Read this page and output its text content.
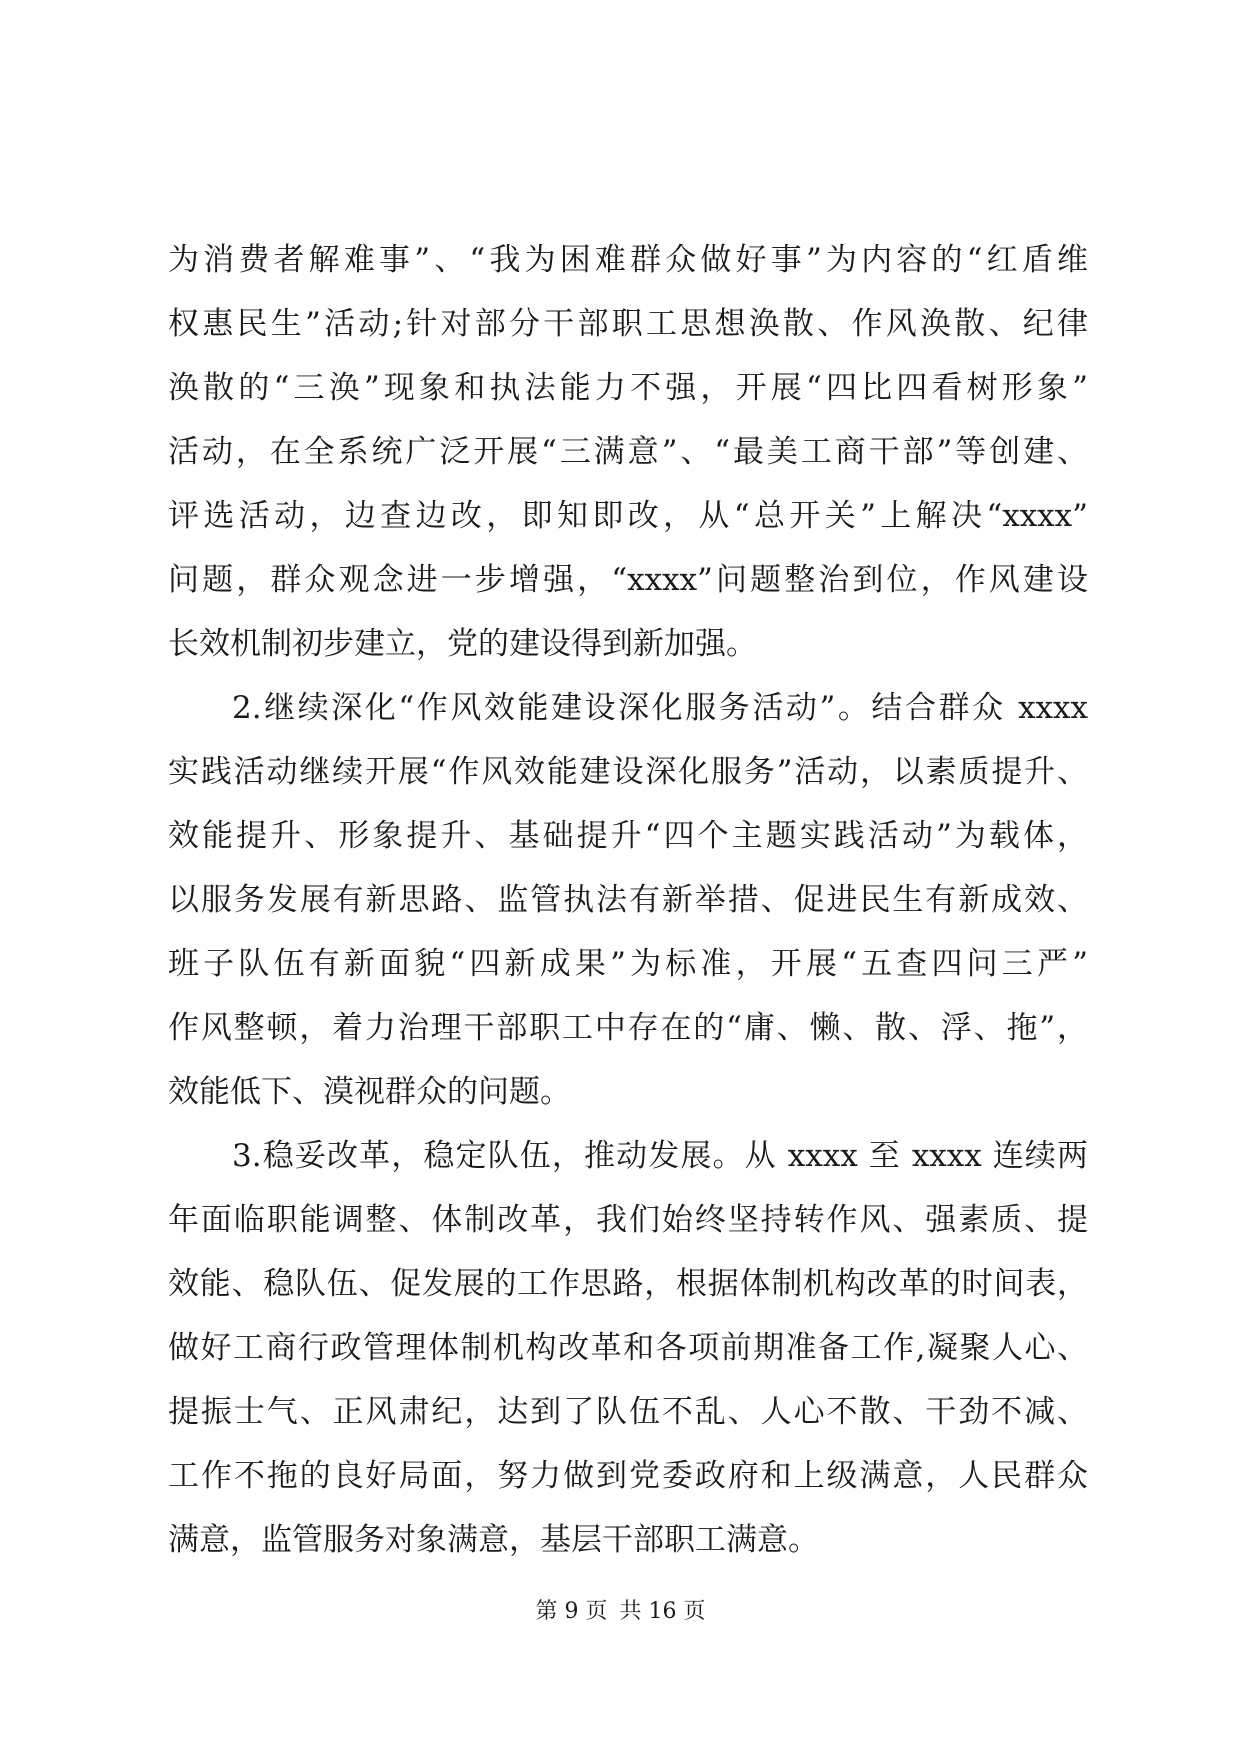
为消费者解难事”、“我为困难群众做好事”为内容的“红盾维
权惠民生”活动;针对部分干部职工思想涣散、作风涣散、纪律
涣散的“三涣”现象和执法能力不强，开展“四比四看树形象”
活动，在全系统广泛开展“三满意”、“最美工商干部”等创建、
评选活动，边查边改，即知即改，从“总开关”上解决“xxxx”
问题，群众观念进一步增强，“xxxx”问题整治到位，作风建设
长效机制初步建立，党的建设得到新加强。
2.继续深化“作风效能建设深化服务活动”。结合群众 xxxx
实践活动继续开展“作风效能建设深化服务”活动，以素质提升、
效能提升、形象提升、基础提升“四个主题实践活动”为载体，
以服务发展有新思路、监管执法有新举措、促进民生有新成效、
班子队伍有新面貌“四新成果”为标准，开展“五查四问三严”
作风整顿，着力治理干部职工中存在的“庸、懒、散、浮、拖”，
效能低下、漠视群众的问题。
3.稳妥改革，稳定队伍，推动发展。从 xxxx 至 xxxx 连续两
年面临职能调整、体制改革，我们始终坚持转作风、强素质、提
效能、稳队伍、促发展的工作思路，根据体制机构改革的时间表，
做好工商行政管理体制机构改革和各项前期准备工作,凝聚人心、
提振士气、正风肃纪，达到了队伍不乱、人心不散、干劲不减、
工作不拖的良好局面，努力做到党委政府和上级满意，人民群众
满意，监管服务对象满意，基层干部职工满意。
第 9 页 共 16 页
